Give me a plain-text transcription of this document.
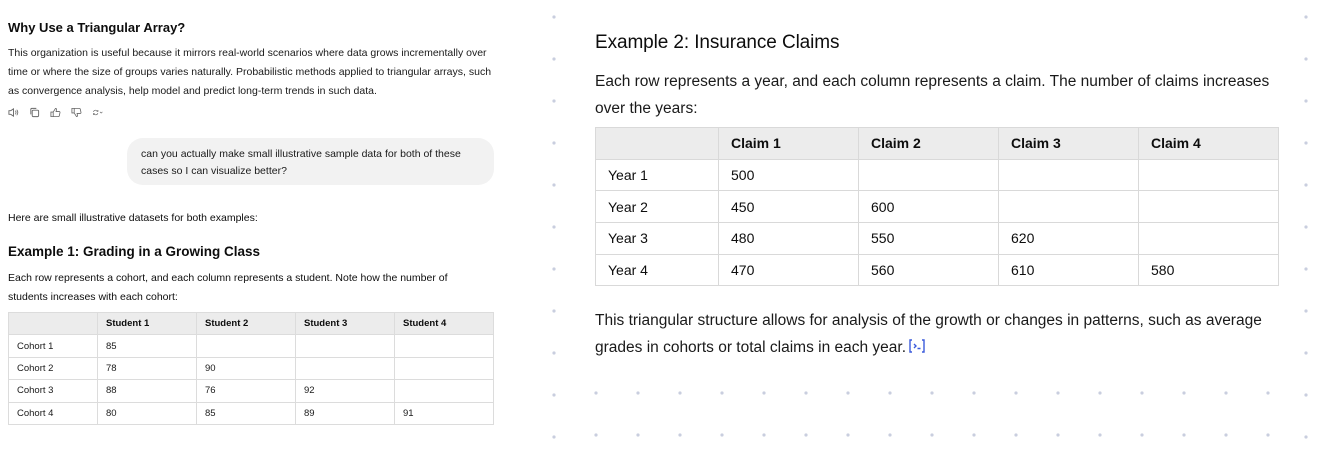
Why Use a Triangular Array?

This organization is useful because it mirrors real-world scenarios where data grows incrementally over time or where the size of groups varies naturally. Probabilistic methods applied to triangular arrays, such as convergence analysis, help model and predict long-term trends in such data.

can you actually make small illustrative sample data for both of these cases so I can visualize better?
Here are small illustrative datasets for both examples:
Example 1: Grading in a Growing Class
Each row represents a cohort, and each column represents a student. Note how the number of students increases with each cohort:
	Student 1	Student 2	Student 3	Student 4
Cohort 1	85			
Cohort 2	78	90		
Cohort 3	88	76	92	
Cohort 4	80	85	89	91
Example 2: Insurance Claims
Each row represents a year, and each column represents a claim. The number of claims increases over the years:
	Claim 1	Claim 2	Claim 3	Claim 4
Year 1	500			
Year 2	450	600		
Year 3	480	550	620	
Year 4	470	560	610	580
This triangular structure allows for analysis of the growth or changes in patterns, such as average grades in cohorts or total claims in each year.
